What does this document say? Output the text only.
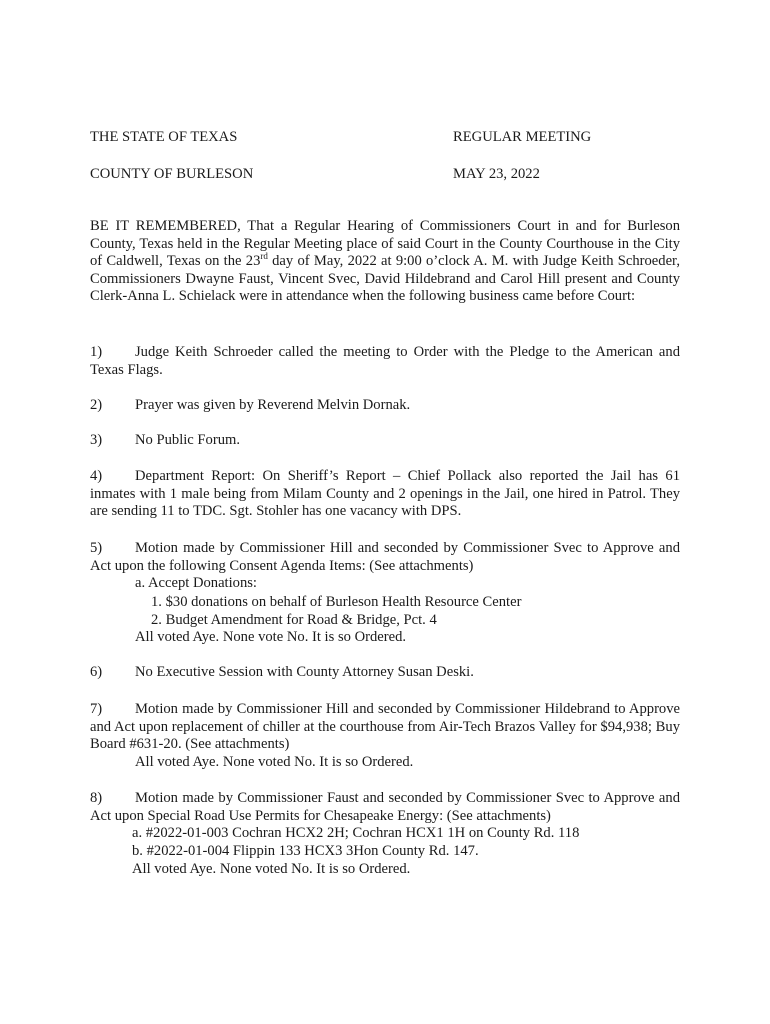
THE STATE OF TEXAS	REGULAR MEETING
COUNTY OF BURLESON	MAY 23, 2022

BE IT REMEMBERED, That a Regular Hearing of Commissioners Court in and for Burleson County, Texas held in the Regular Meeting place of said Court in the County Courthouse in the City of Caldwell, Texas on the 23rd day of May, 2022 at 9:00 o’clock A. M. with Judge Keith Schroeder, Commissioners Dwayne Faust, Vincent Svec, David Hildebrand and Carol Hill present and County Clerk-Anna L. Schielack were in attendance when the following business came before Court:

1) Judge Keith Schroeder called the meeting to Order with the Pledge to the American and Texas Flags.
2) Prayer was given by Reverend Melvin Dornak.
3) No Public Forum.
4) Department Report: On Sheriff’s Report – Chief Pollack also reported the Jail has 61 inmates with 1 male being from Milam County and 2 openings in the Jail, one hired in Patrol. They are sending 11 to TDC. Sgt. Stohler has one vacancy with DPS.
5) Motion made by Commissioner Hill and seconded by Commissioner Svec to Approve and Act upon the following Consent Agenda Items: (See attachments)
a. Accept Donations:
1. $30 donations on behalf of Burleson Health Resource Center
2. Budget Amendment for Road & Bridge, Pct. 4
All voted Aye. None vote No. It is so Ordered.
6) No Executive Session with County Attorney Susan Deski.
7) Motion made by Commissioner Hill and seconded by Commissioner Hildebrand to Approve and Act upon replacement of chiller at the courthouse from Air-Tech Brazos Valley for $94,938; Buy Board #631-20. (See attachments)
All voted Aye. None voted No. It is so Ordered.
8) Motion made by Commissioner Faust and seconded by Commissioner Svec to Approve and Act upon Special Road Use Permits for Chesapeake Energy: (See attachments)
a. #2022-01-003 Cochran HCX2 2H; Cochran HCX1 1H on County Rd. 118
b. #2022-01-004 Flippin 133 HCX3 3Hon County Rd. 147.
All voted Aye. None voted No. It is so Ordered.
